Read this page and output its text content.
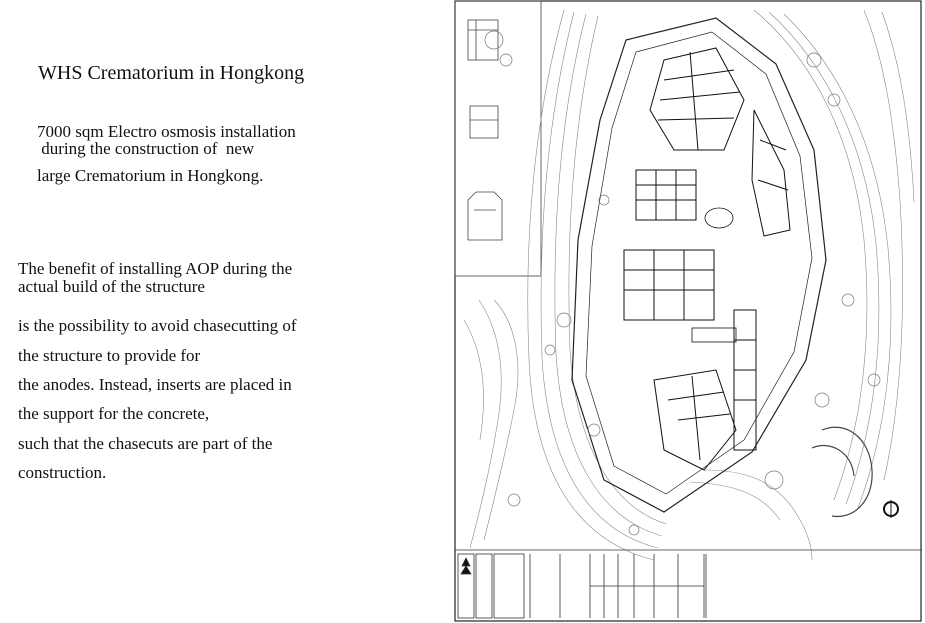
WHS Crematorium in Hongkong
7000 sqm Electro osmosis installation
during the construction of  new
large Crematorium in Hongkong.
The benefit of installing AOP during the
actual build of the structure
is the possibility to avoid chasecutting of
the structure to provide for
the anodes. Instead, inserts are placed in
the support for the concrete,
such that the chasecuts are part of the
construction.
